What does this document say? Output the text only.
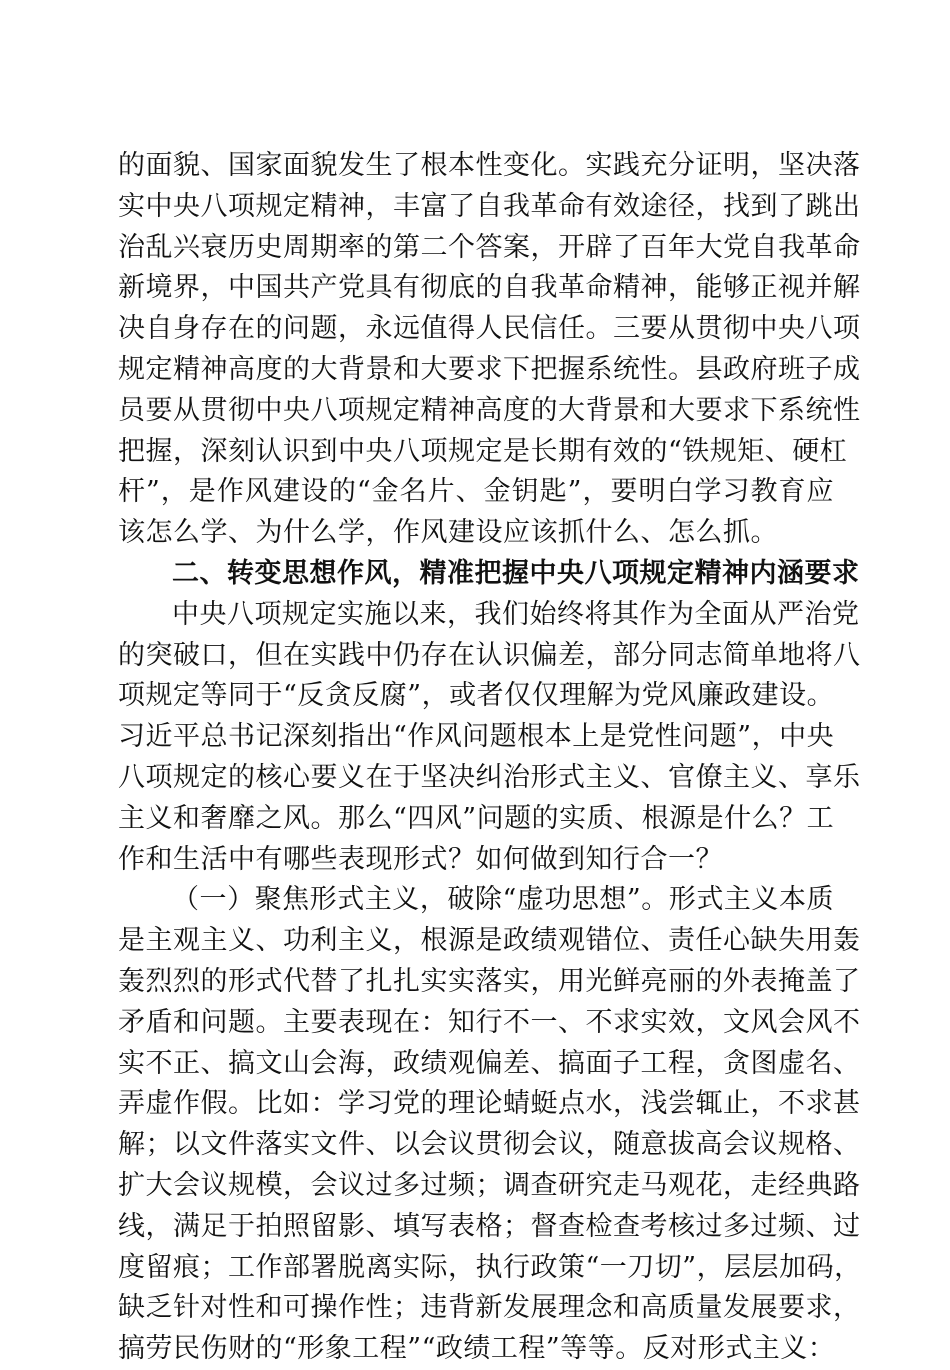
的面貌、国家面貌发生了根本性变化。实践充分证明，坚决落
实中央八项规定精神，丰富了自我革命有效途径，找到了跳出
治乱兴衰历史周期率的第二个答案，开辟了百年大党自我革命
新境界，中国共产党具有彻底的自我革命精神，能够正视并解
决自身存在的问题，永远值得人民信任。三要从贯彻中央八项
规定精神高度的大背景和大要求下把握系统性。县政府班子成
员要从贯彻中央八项规定精神高度的大背景和大要求下系统性
把握，深刻认识到中央八项规定是长期有效的“铁规矩、硬杠
杆”，是作风建设的“金名片、金钥匙”，要明白学习教育应
该怎么学、为什么学，作风建设应该抓什么、怎么抓。
二、转变思想作风，精准把握中央八项规定精神内涵要求
中央八项规定实施以来，我们始终将其作为全面从严治党
的突破口，但在实践中仍存在认识偏差，部分同志简单地将八
项规定等同于“反贪反腐”，或者仅仅理解为党风廉政建设。
习近平总书记深刻指出“作风问题根本上是党性问题”，中央
八项规定的核心要义在于坚决纠治形式主义、官僚主义、享乐
主义和奢靡之风。那么“四风”问题的实质、根源是什么？工
作和生活中有哪些表现形式？如何做到知行合一？
（一）聚焦形式主义，破除“虚功思想”。形式主义本质
是主观主义、功利主义，根源是政绩观错位、责任心缺失用轰
轰烈烈的形式代替了扎扎实实落实，用光鲜亮丽的外表掩盖了
矛盾和问题。主要表现在：知行不一、不求实效，文风会风不
实不正、搞文山会海，政绩观偏差、搞面子工程，贪图虚名、
弄虚作假。比如：学习党的理论蜻蜓点水，浅尝辄止，不求甚
解；以文件落实文件、以会议贯彻会议，随意拔高会议规格、
扩大会议规模，会议过多过频；调查研究走马观花，走经典路
线，满足于拍照留影、填写表格；督查检查考核过多过频、过
度留痕；工作部署脱离实际，执行政策“一刀切”，层层加码，
缺乏针对性和可操作性；违背新发展理念和高质量发展要求，
搞劳民伤财的“形象工程”“政绩工程”等等。反对形式主义：
